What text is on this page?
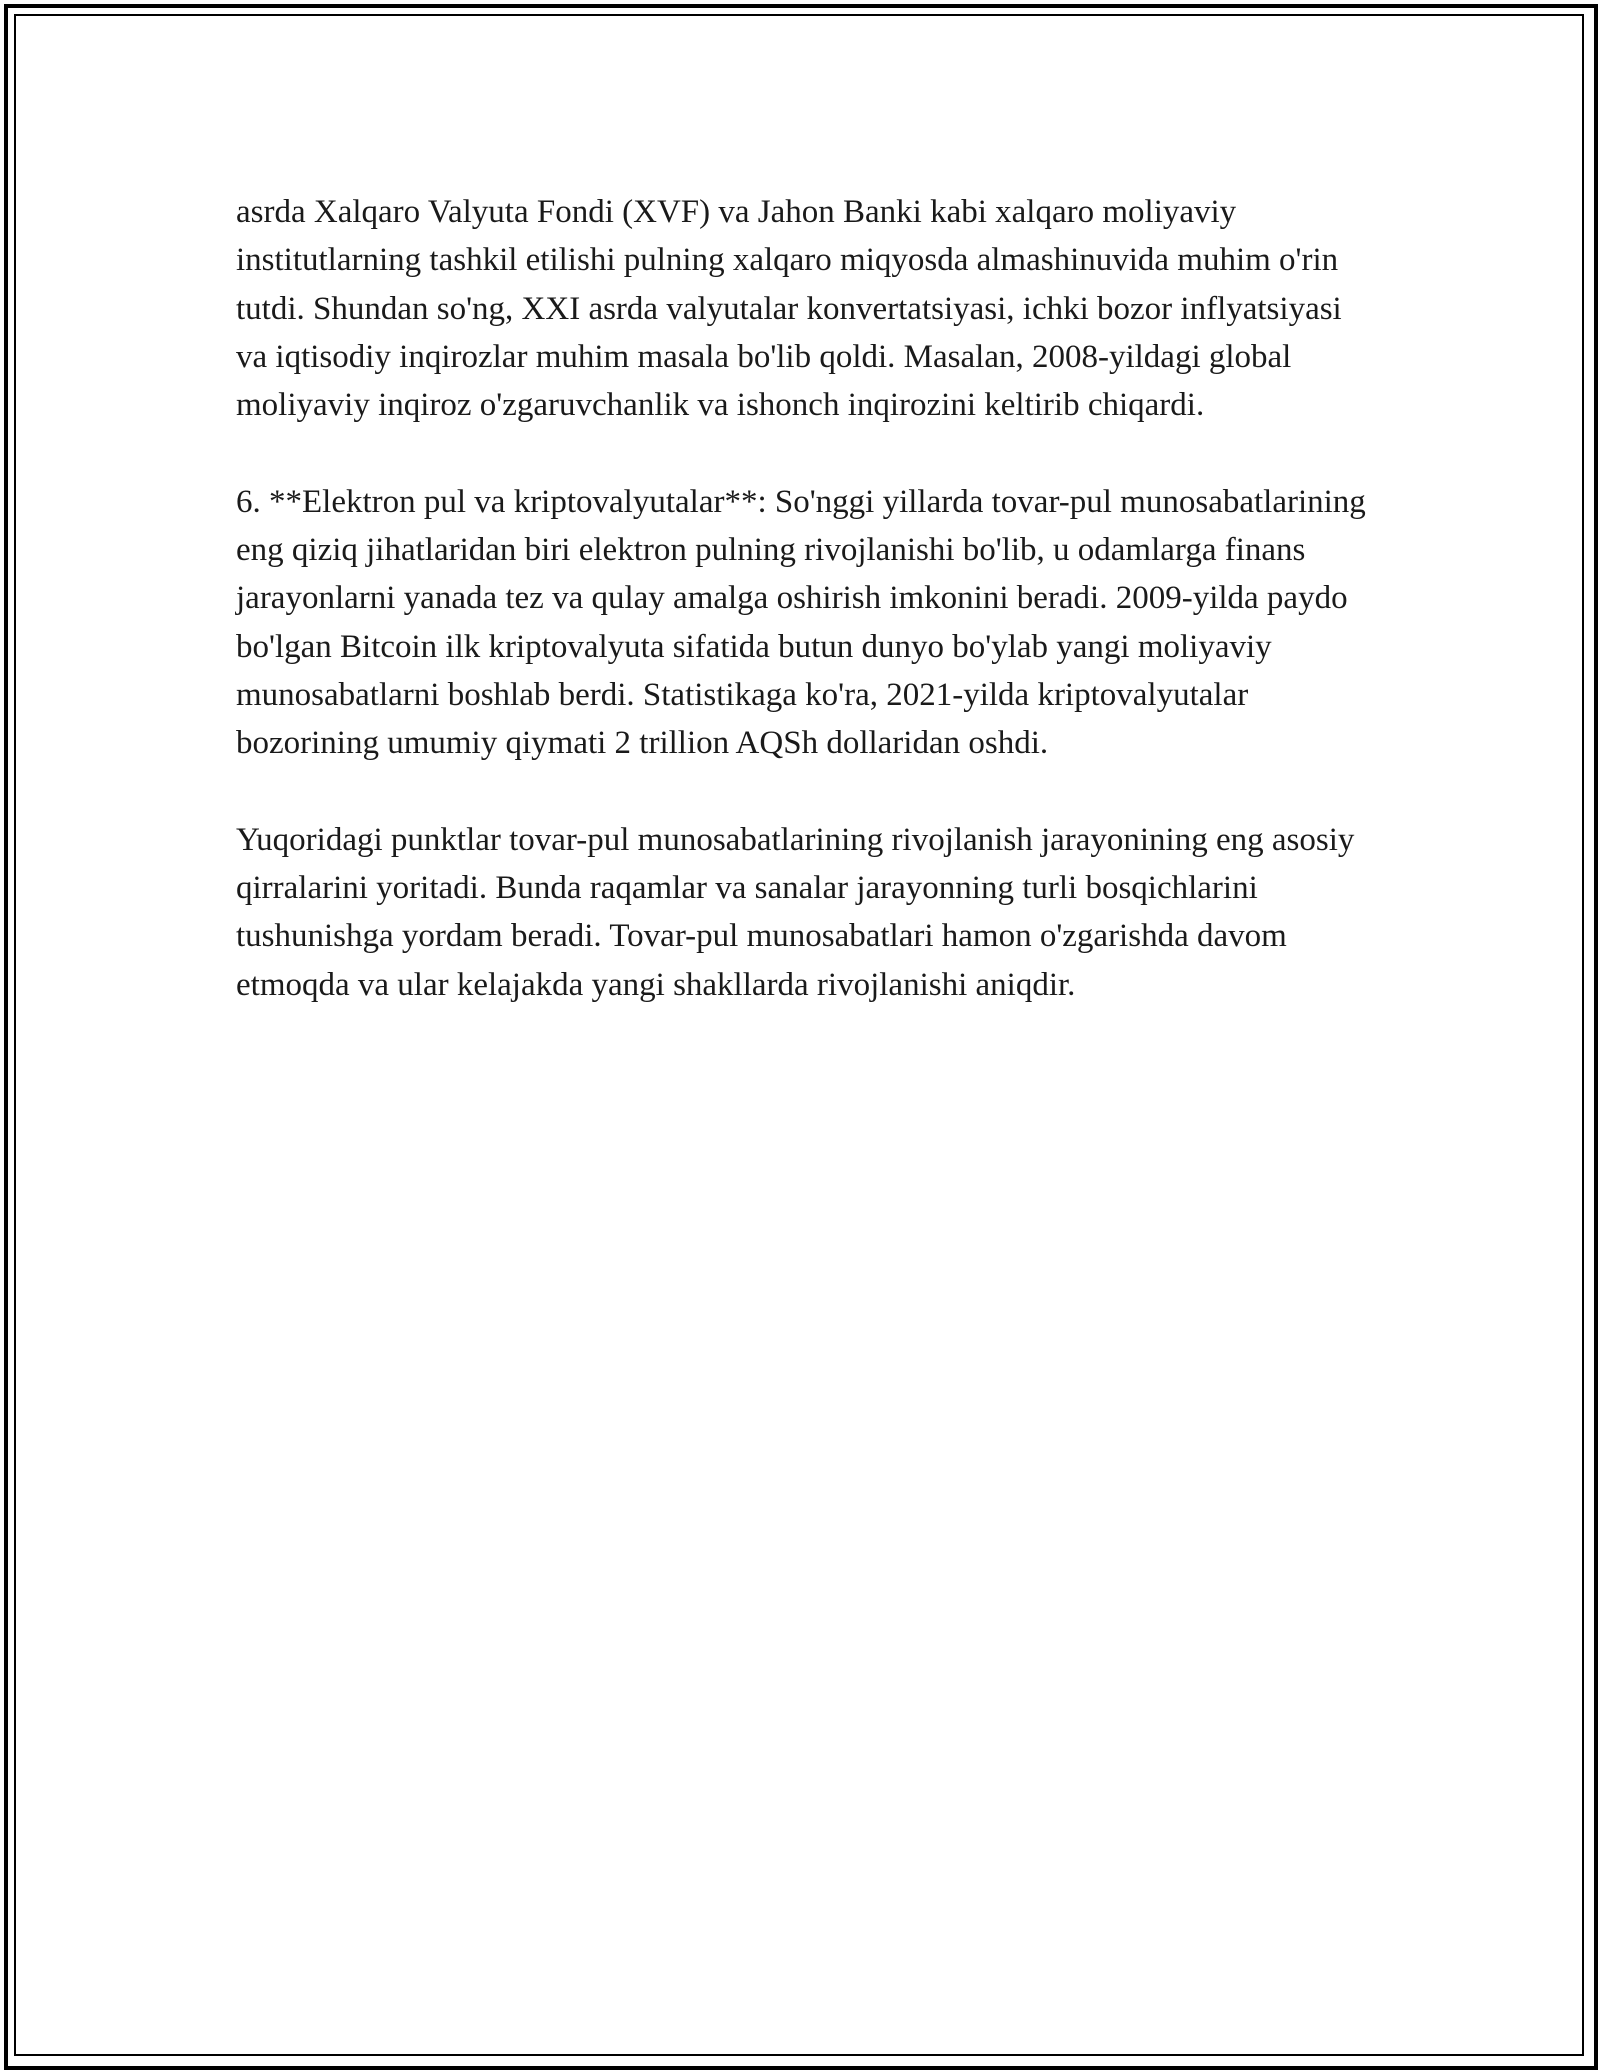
asrda Xalqaro Valyuta Fondi (XVF) va Jahon Banki kabi xalqaro moliyaviy institutlarning tashkil etilishi pulning xalqaro miqyosda almashinuvida muhim o'rin tutdi. Shundan so'ng, XXI asrda valyutalar konvertatsiyasi, ichki bozor inflyatsiyasi va iqtisodiy inqirozlar muhim masala bo'lib qoldi. Masalan, 2008-yildagi global moliyaviy inqiroz o'zgaruvchanlik va ishonch inqirozini keltirib chiqardi.

6. **Elektron pul va kriptovalyutalar**: So'nggi yillarda tovar-pul munosabatlarining eng qiziq jihatlaridan biri elektron pulning rivojlanishi bo'lib, u odamlarga finans jarayonlarni yanada tez va qulay amalga oshirish imkonini beradi. 2009-yilda paydo bo'lgan Bitcoin ilk kriptovalyuta sifatida butun dunyo bo'ylab yangi moliyaviy munosabatlarni boshlab berdi. Statistikaga ko'ra, 2021-yilda kriptovalyutalar bozorining umumiy qiymati 2 trillion AQSh dollaridan oshdi.

Yuqoridagi punktlar tovar-pul munosabatlarining rivojlanish jarayonining eng asosiy qirralarini yoritadi. Bunda raqamlar va sanalar jarayonning turli bosqichlarini tushunishga yordam beradi. Tovar-pul munosabatlari hamon o'zgarishda davom etmoqda va ular kelajakda yangi shakllarda rivojlanishi aniqdir.
